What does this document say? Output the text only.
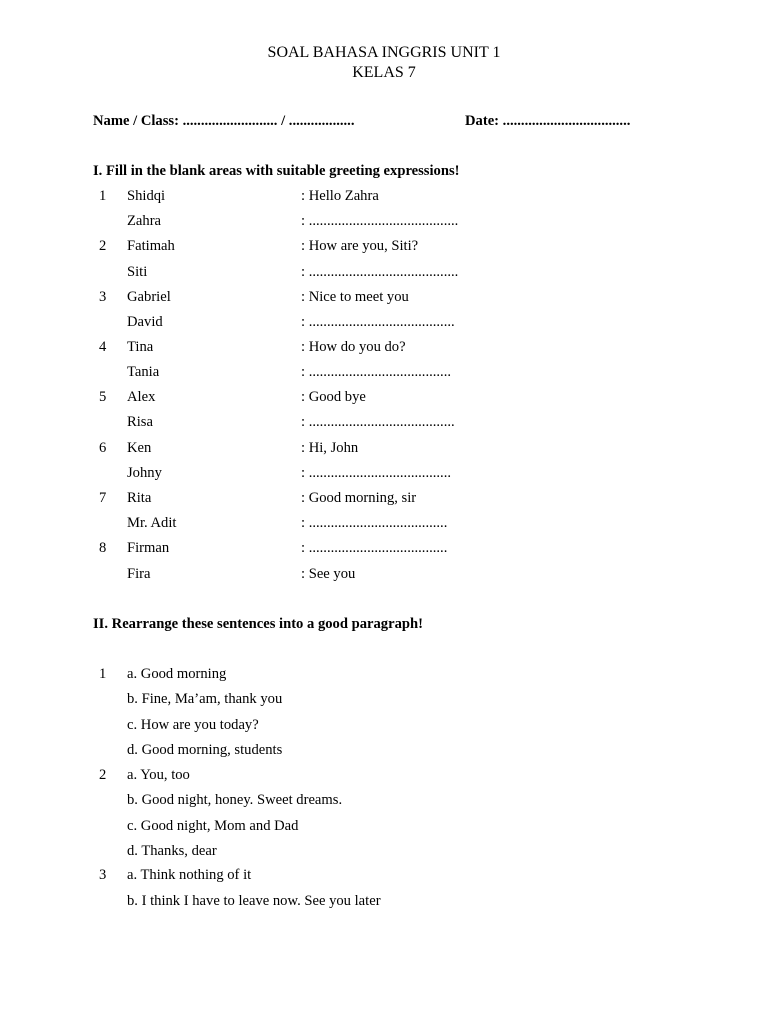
SOAL BAHASA INGGRIS UNIT 1
KELAS 7
Name / Class: .......................... / ..................	Date: ...................................
I. Fill in the blank areas with suitable greeting expressions!
1 Shidqi	: Hello Zahra
Zahra	: .........................................
2 Fatimah	: How are you, Siti?
Siti	: .........................................
3 Gabriel	: Nice to meet you
David	: ........................................
4 Tina	: How do you do?
Tania	: .......................................
5 Alex	: Good bye
Risa	: ........................................
6 Ken	: Hi, John
Johny	: .......................................
7 Rita	: Good morning, sir
Mr. Adit	: ......................................
8 Firman	: ......................................
Fira	: See you
II. Rearrange these sentences into a good paragraph!
1 a. Good morning
b. Fine, Ma’am, thank you
c. How are you today?
d. Good morning, students
2 a. You, too
b. Good night, honey. Sweet dreams.
c. Good night, Mom and Dad
d. Thanks, dear
3 a. Think nothing of it
b. I think I have to leave now. See you later
